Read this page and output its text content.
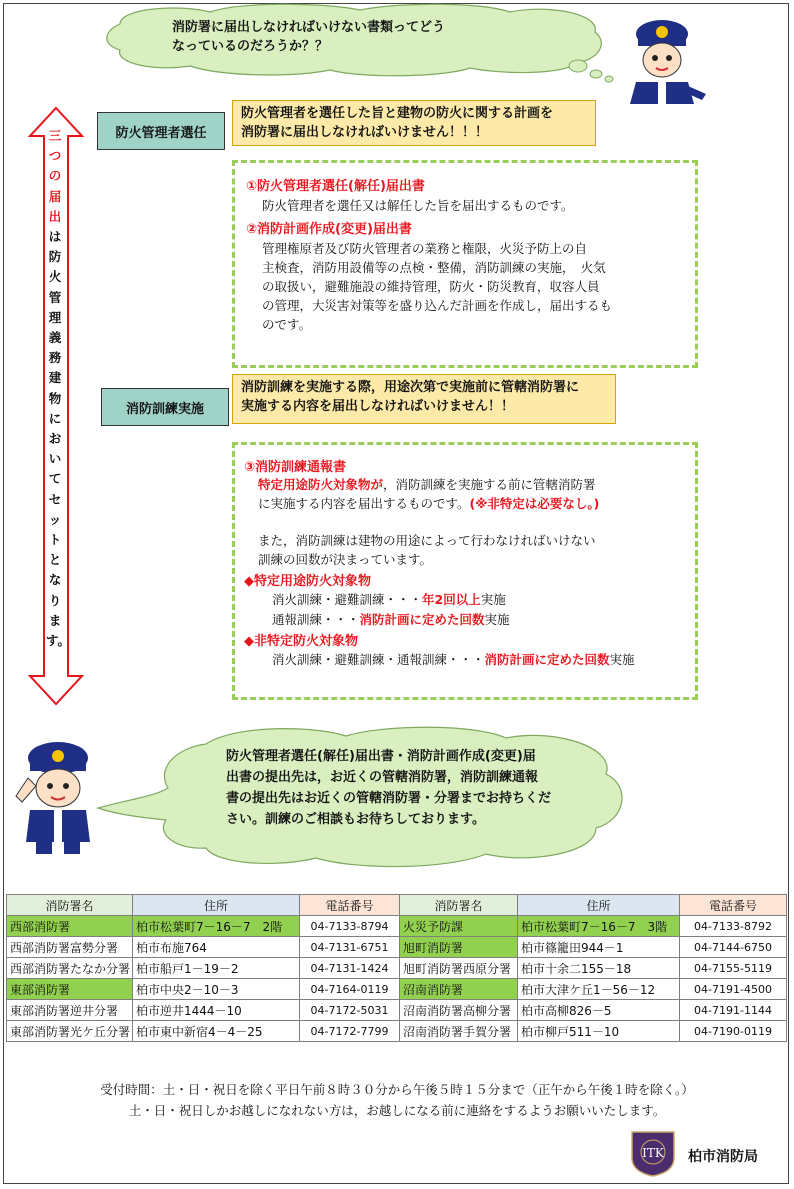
消防署に届出しなければいけない書類ってどう
なっているのだろうか？？
三つの届出は防火管理義務建物においてセットとなります。
防火管理者選任
防火管理者を選任した旨と建物の防火に関する計画を
消防署に届出しなければいけません！！！
①防火管理者選任(解任)届出書
防火管理者を選任又は解任した旨を届出するものです。
②消防計画作成(変更)届出書
管理権原者及び防火管理者の業務と権限，火災予防上の自
主検査，消防用設備等の点検・整備，消防訓練の実施，　火気
の取扱い，避難施設の維持管理，防火・防災教育，収容人員
の管理，大災害対策等を盛り込んだ計画を作成し，届出するも
のです。
消防訓練実施
消防訓練を実施する際，用途次第で実施前に管轄消防署に
実施する内容を届出しなければいけません！！
③消防訓練通報書
特定用途防火対象物が，消防訓練を実施する前に管轄消防署
に実施する内容を届出するものです。(※非特定は必要なし。)
また，消防訓練は建物の用途によって行わなければいけない
訓練の回数が決まっています。
◆特定用途防火対象物
消火訓練・避難訓練・・・年2回以上実施
通報訓練・・・消防計画に定めた回数実施
◆非特定防火対象物
消火訓練・避難訓練・通報訓練・・・消防計画に定めた回数実施
防火管理者選任(解任)届出書・消防計画作成(変更)届
出書の提出先は，お近くの管轄消防署，消防訓練通報
書の提出先はお近くの管轄消防署・分署までお持ちくだ
さい。訓練のご相談もお待ちしております。
消防署名	住所	電話番号	消防署名	住所	電話番号
西部消防署	柏市松葉町7－16－7　2階	04-7133-8794	火災予防課	柏市松葉町7－16－7　3階	04-7133-8792
西部消防署富勢分署	柏市布施764	04-7131-6751	旭町消防署	柏市篠籠田944－1	04-7144-6750
西部消防署たなか分署	柏市船戸1－19－2	04-7131-1424	旭町消防署西原分署	柏市十余二155－18	04-7155-5119
東部消防署	柏市中央2－10－3	04-7164-0119	沼南消防署	柏市大津ケ丘1－56－12	04-7191-4500
東部消防署逆井分署	柏市逆井1444－10	04-7172-5031	沼南消防署高柳分署	柏市高柳826－5	04-7191-1144
東部消防署光ケ丘分署	柏市東中新宿4－4－25	04-7172-7799	沼南消防署手賀分署	柏市柳戸511－10	04-7190-0119
受付時間：土・日・祝日を除く平日午前８時３０分から午後５時１５分まで（正午から午後１時を除く。）
土・日・祝日しかお越しになれない方は，お越しになる前に連絡をするようお願いいたします。
ITK 柏市消防局
